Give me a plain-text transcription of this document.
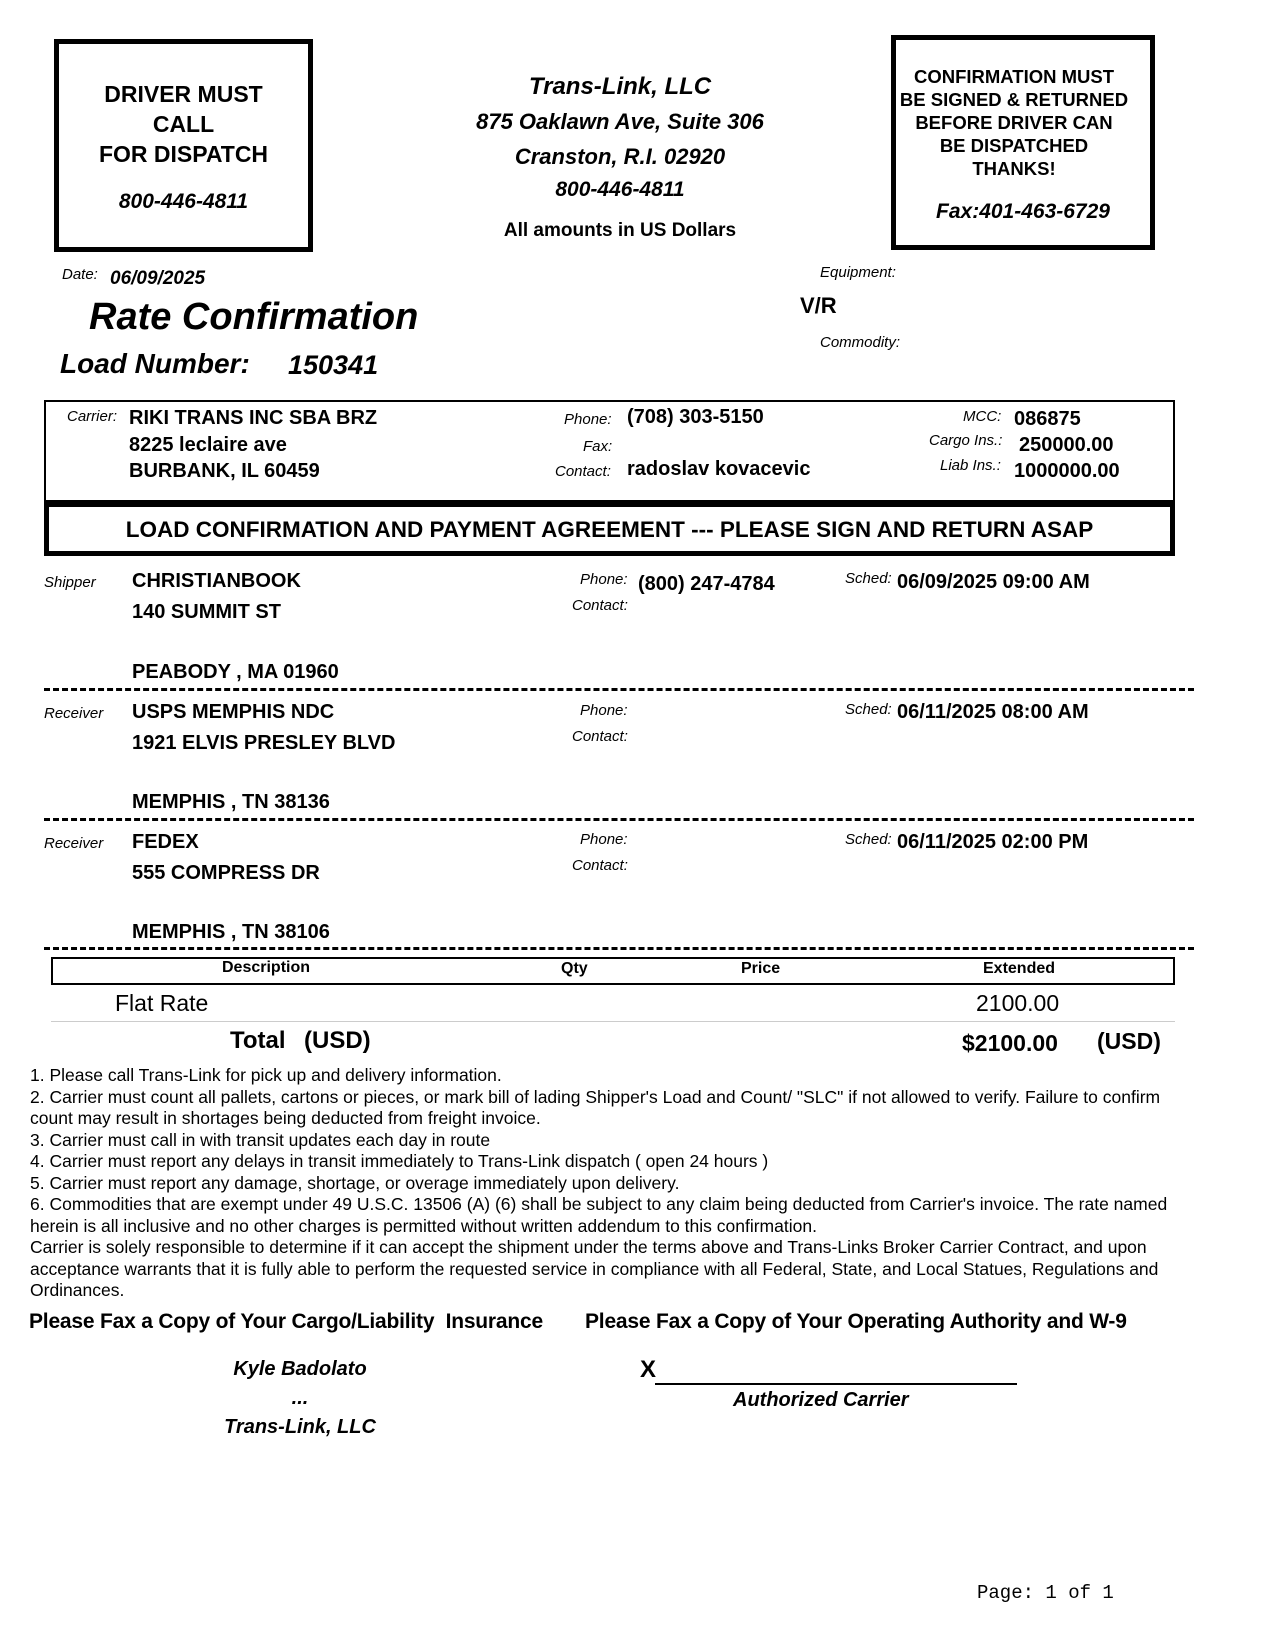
DRIVER MUST
CALL
FOR DISPATCH
800-446-4811
Trans-Link, LLC
875 Oaklawn Ave, Suite 306
Cranston, R.I. 02920
800-446-4811
All amounts in US Dollars
CONFIRMATION MUST
BE SIGNED & RETURNED
BEFORE DRIVER CAN
BE DISPATCHED
THANKS!
Fax:401-463-6729
Date: 06/09/2025
Rate Confirmation
Load Number: 150341
Equipment:
V/R
Commodity:
Carrier: RIKI TRANS INC SBA BRZ
8225 leclaire ave
BURBANK, IL 60459
Phone: (708) 303-5150
Fax:
Contact: radoslav kovacevic
MCC: 086875
Cargo Ins.: 250000.00
Liab Ins.: 1000000.00
LOAD CONFIRMATION AND PAYMENT AGREEMENT --- PLEASE SIGN AND RETURN ASAP
Shipper CHRISTIANBOOK
140 SUMMIT ST
PEABODY , MA 01960
Phone: (800) 247-4784
Contact:
Sched: 06/09/2025 09:00 AM
Receiver USPS MEMPHIS NDC
1921 ELVIS PRESLEY BLVD
MEMPHIS , TN 38136
Phone:
Contact:
Sched: 06/11/2025 08:00 AM
Receiver FEDEX
555 COMPRESS DR
MEMPHIS , TN 38106
Phone:
Contact:
Sched: 06/11/2025 02:00 PM
Description	Qty	Price	Extended
Flat Rate	2100.00
Total (USD)	$2100.00 (USD)
1. Please call Trans-Link for pick up and delivery information.
2. Carrier must count all pallets, cartons or pieces, or mark bill of lading Shipper's Load and Count/ "SLC" if not allowed to verify. Failure to confirm count may result in shortages being deducted from freight invoice.
3. Carrier must call in with transit updates each day in route
4. Carrier must report any delays in transit immediately to Trans-Link dispatch ( open 24 hours )
5. Carrier must report any damage, shortage, or overage immediately upon delivery.
6. Commodities that are exempt under 49 U.S.C. 13506 (A) (6) shall be subject to any claim being deducted from Carrier's invoice. The rate named herein is all inclusive and no other charges is permitted without written addendum to this confirmation.
Carrier is solely responsible to determine if it can accept the shipment under the terms above and Trans-Links Broker Carrier Contract, and upon acceptance warrants that it is fully able to perform the requested service in compliance with all Federal, State, and Local Statues, Regulations and Ordinances.
Please Fax a Copy of Your Cargo/Liability  Insurance Please Fax a Copy of Your Operating Authority and W-9
Kyle Badolato
...
Trans-Link, LLC
X
Authorized Carrier
Page: 1 of 1
